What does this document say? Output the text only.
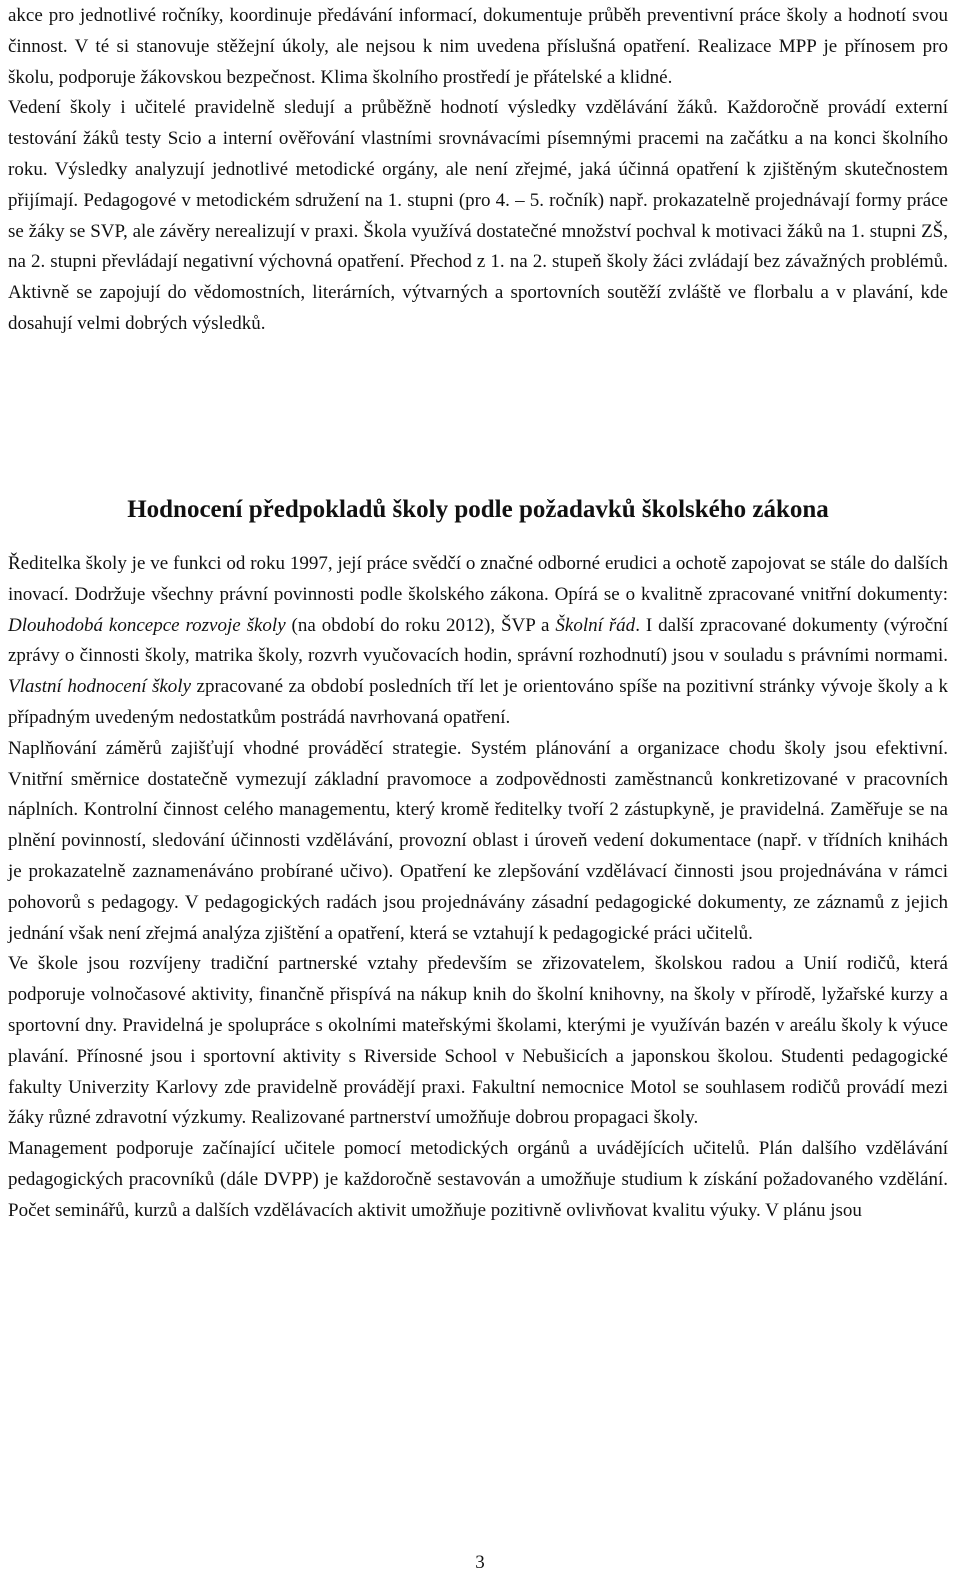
akce pro jednotlivé ročníky, koordinuje předávání informací, dokumentuje průběh preventivní práce školy a hodnotí svou činnost. V té si stanovuje stěžejní úkoly, ale nejsou k nim uvedena příslušná opatření. Realizace MPP je přínosem pro školu, podporuje žákovskou bezpečnost. Klima školního prostředí je přátelské a klidné.

Vedení školy i učitelé pravidelně sledují a průběžně hodnotí výsledky vzdělávání žáků. Každoročně provádí externí testování žáků testy Scio a interní ověřování vlastními srovnávacími písemnými pracemi na začátku a na konci školního roku. Výsledky analyzují jednotlivé metodické orgány, ale není zřejmé, jaká účinná opatření k zjištěným skutečnostem přijímají. Pedagogové v metodickém sdružení na 1. stupni (pro 4. – 5. ročník) např. prokazatelně projednávají formy práce se žáky se SVP, ale závěry nerealizují v praxi. Škola využívá dostatečné množství pochval k motivaci žáků na 1. stupni ZŠ, na 2. stupni převládají negativní výchovná opatření. Přechod z 1. na 2. stupeň školy žáci zvládají bez závažných problémů. Aktivně se zapojují do vědomostních, literárních, výtvarných a sportovních soutěží zvláště ve florbalu a v plavání, kde dosahují velmi dobrých výsledků.

Hodnocení předpokladů školy podle požadavků školského zákona

Ředitelka školy je ve funkci od roku 1997, její práce svědčí o značné odborné erudici a ochotě zapojovat se stále do dalších inovací. Dodržuje všechny právní povinnosti podle školského zákona. Opírá se o kvalitně zpracované vnitřní dokumenty: Dlouhodobá koncepce rozvoje školy (na období do roku 2012), ŠVP a Školní řád. I další zpracované dokumenty (výroční zprávy o činnosti školy, matrika školy, rozvrh vyučovacích hodin, správní rozhodnutí) jsou v souladu s právními normami. Vlastní hodnocení školy zpracované za období posledních tří let je orientováno spíše na pozitivní stránky vývoje školy a k případným uvedeným nedostatkům postrádá navrhovaná opatření.

Naplňování záměrů zajišťují vhodné prováděcí strategie. Systém plánování a organizace chodu školy jsou efektivní. Vnitřní směrnice dostatečně vymezují základní pravomoce a zodpovědnosti zaměstnanců konkretizované v pracovních náplních. Kontrolní činnost celého managementu, který kromě ředitelky tvoří 2 zástupkyně, je pravidelná. Zaměřuje se na plnění povinností, sledování účinnosti vzdělávání, provozní oblast i úroveň vedení dokumentace (např. v třídních knihách je prokazatelně zaznamenáváno probírané učivo). Opatření ke zlepšování vzdělávací činnosti jsou projednávána v rámci pohovorů s pedagogy. V pedagogických radách jsou projednávány zásadní pedagogické dokumenty, ze záznamů z jejich jednání však není zřejmá analýza zjištění a opatření, která se vztahují k pedagogické práci učitelů.

Ve škole jsou rozvíjeny tradiční partnerské vztahy především se zřizovatelem, školskou radou a Unií rodičů, která podporuje volnočasové aktivity, finančně přispívá na nákup knih do školní knihovny, na školy v přírodě, lyžařské kurzy a sportovní dny. Pravidelná je spolupráce s okolními mateřskými školami, kterými je využíván bazén v areálu školy k výuce plavání. Přínosné jsou i sportovní aktivity s Riverside School v Nebušicích a japonskou školou. Studenti pedagogické fakulty Univerzity Karlovy zde pravidelně provádějí praxi. Fakultní nemocnice Motol se souhlasem rodičů provádí mezi žáky různé zdravotní výzkumy. Realizované partnerství umožňuje dobrou propagaci školy.

Management podporuje začínající učitele pomocí metodických orgánů a uvádějících učitelů. Plán dalšího vzdělávání pedagogických pracovníků (dále DVPP) je každoročně sestavován a umožňuje studium k získání požadovaného vzdělání. Počet seminářů, kurzů a dalších vzdělávacích aktivit umožňuje pozitivně ovlivňovat kvalitu výuky. V plánu jsou

3
